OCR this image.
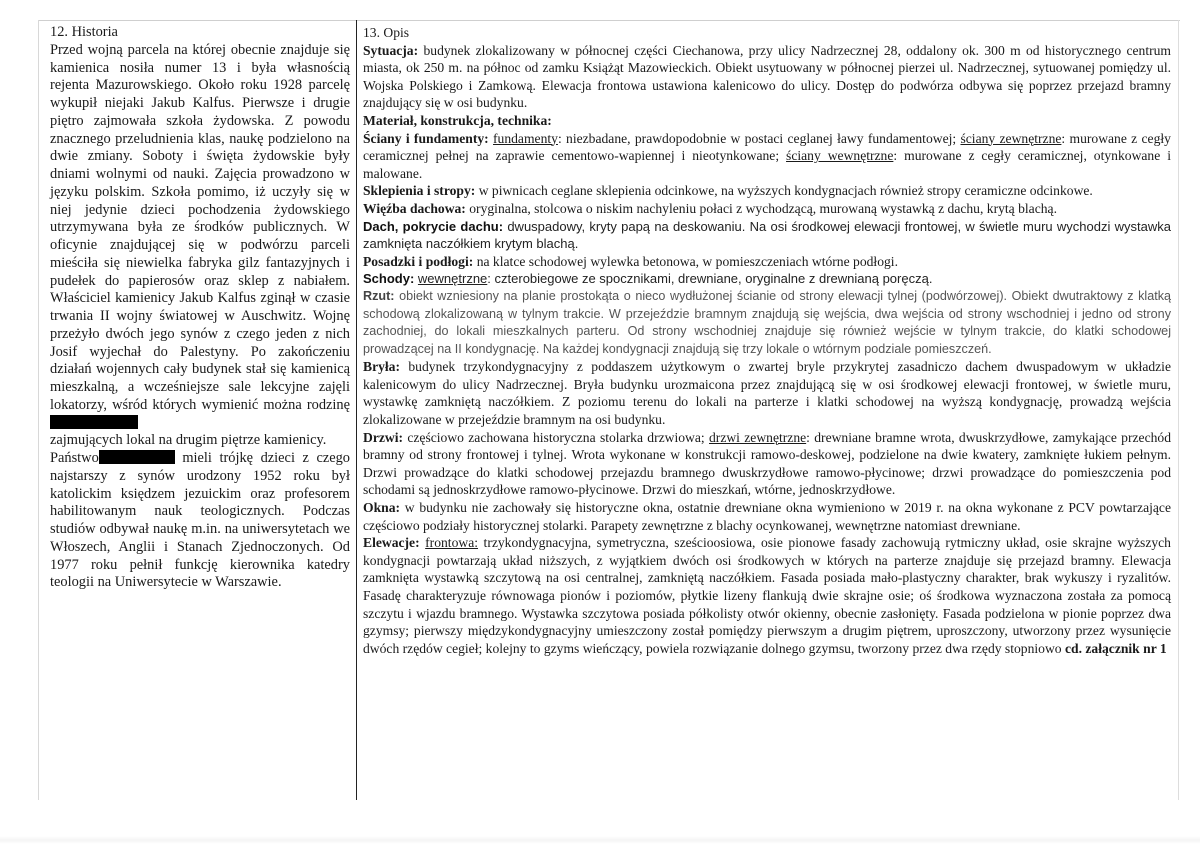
12. Historia

Przed wojną parcela na której obecnie znajduje się kamienica nosiła numer 13 i była własnością rejenta Mazurowskiego. Około roku 1928 parcelę wykupił niejaki Jakub Kalfus. Pierwsze i drugie piętro zajmowała szkoła żydowska. Z powodu znacznego przeludnienia klas, naukę podzielono na dwie zmiany. Soboty i święta żydowskie były dniami wolnymi od nauki. Zajęcia prowadzono w języku polskim. Szkoła pomimo, iż uczyły się w niej jedynie dzieci pochodzenia żydowskiego utrzymywana była ze środków publicznych. W oficynie znajdującej się w podwórzu parceli mieściła się niewielka fabryka gilz fantazyjnych i pudełek do papierosów oraz sklep z nabiałem. Właściciel kamienicy Jakub Kalfus zginął w czasie trwania II wojny światowej w Auschwitz. Wojnę przeżyło dwóch jego synów z czego jeden z nich Josif wyjechał do Palestyny. Po zakończeniu działań wojennych cały budynek stał się kamienicą mieszkalną, a wcześniejsze sale lekcyjne zajęli lokatorzy, wśród których wymienić można rodzinę
zajmujących lokal na drugim piętrze kamienicy.
Państwo	mieli trójkę dzieci z czego najstarszy z synów urodzony 1952 roku był katolickim księdzem jezuickim oraz profesorem habilitowanym nauk teologicznych. Podczas studiów odbywał naukę m.in. na uniwersytetach we Włoszech, Anglii i Stanach Zjednoczonych. Od 1977 roku pełnił funkcję kierownika katedry teologii na Uniwersytecie w Warszawie.

13. Opis

Sytuacja: budynek zlokalizowany w północnej części Ciechanowa, przy ulicy Nadrzecznej 28, oddalony ok. 300 m od historycznego centrum miasta, ok 250 m. na północ od zamku Książąt Mazowieckich. Obiekt usytuowany w północnej pierzei ul. Nadrzecznej, sytuowanej pomiędzy ul. Wojska Polskiego i Zamkową. Elewacja frontowa ustawiona kalenicowo do ulicy. Dostęp do podwórza odbywa się poprzez przejazd bramny znajdujący się w osi budynku.

Materiał, konstrukcja, technika:

Ściany i fundamenty: fundamenty: niezbadane, prawdopodobnie w postaci ceglanej ławy fundamentowej; ściany zewnętrzne: murowane z cegły ceramicznej pełnej na zaprawie cementowo-wapiennej i nieotynkowane; ściany wewnętrzne: murowane z cegły ceramicznej, otynkowane i malowane.

Sklepienia i stropy: w piwnicach ceglane sklepienia odcinkowe, na wyższych kondygnacjach również stropy ceramiczne odcinkowe.

Więźba dachowa: oryginalna, stolcowa o niskim nachyleniu połaci z wychodzącą, murowaną wystawką z dachu, krytą blachą.

Dach, pokrycie dachu: dwuspadowy, kryty papą na deskowaniu. Na osi środkowej elewacji frontowej, w świetle muru wychodzi wystawka zamknięta naczółkiem krytym blachą.

Posadzki i podłogi: na klatce schodowej wylewka betonowa, w pomieszczeniach wtórne podłogi.

Schody: wewnętrzne: czterobiegowe ze spocznikami, drewniane, oryginalne z drewnianą poręczą.

Rzut: obiekt wzniesiony na planie prostokąta o nieco wydłużonej ścianie od strony elewacji tylnej (podwórzowej). Obiekt dwutraktowy z klatką schodową zlokalizowaną w tylnym trakcie. W przejeździe bramnym znajdują się wejścia, dwa wejścia od strony wschodniej i jedno od strony zachodniej, do lokali mieszkalnych parteru. Od strony wschodniej znajduje się również wejście w tylnym trakcie, do klatki schodowej prowadzącej na II kondygnację. Na każdej kondygnacji znajdują się trzy lokale o wtórnym podziale pomieszczeń.

Bryła: budynek trzykondygnacyjny z poddaszem użytkowym o zwartej bryle przykrytej zasadniczo dachem dwuspadowym w układzie kalenicowym do ulicy Nadrzecznej. Bryła budynku urozmaicona przez znajdującą się w osi środkowej elewacji frontowej, w świetle muru, wystawkę zamkniętą naczółkiem. Z poziomu terenu do lokali na parterze i klatki schodowej na wyższą kondygnację, prowadzą wejścia zlokalizowane w przejeździe bramnym na osi budynku.

Drzwi: częściowo zachowana historyczna stolarka drzwiowa; drzwi zewnętrzne: drewniane bramne wrota, dwuskrzydłowe, zamykające przechód bramny od strony frontowej i tylnej. Wrota wykonane w konstrukcji ramowo-deskowej, podzielone na dwie kwatery, zamknięte łukiem pełnym. Drzwi prowadzące do klatki schodowej przejazdu bramnego dwuskrzydłowe ramowo-płycinowe; drzwi prowadzące do pomieszczenia pod schodami są jednoskrzydłowe ramowo-płycinowe. Drzwi do mieszkań, wtórne, jednoskrzydłowe.

Okna: w budynku nie zachowały się historyczne okna, ostatnie drewniane okna wymieniono w 2019 r. na okna wykonane z PCV powtarzające częściowo podziały historycznej stolarki. Parapety zewnętrzne z blachy ocynkowanej, wewnętrzne natomiast drewniane.

Elewacje: frontowa: trzykondygnacyjna, symetryczna, sześcioosiowa, osie pionowe fasady zachowują rytmiczny układ, osie skrajne wyższych kondygnacji powtarzają układ niższych, z wyjątkiem dwóch osi środkowych w których na parterze znajduje się przejazd bramny. Elewacja zamknięta wystawką szczytową na osi centralnej, zamkniętą naczółkiem. Fasada posiada mało-plastyczny charakter, brak wykuszy i ryzalitów. Fasadę charakteryzuje równowaga pionów i poziomów, płytkie lizeny flankują dwie skrajne osie; oś środkowa wyznaczona została za pomocą szczytu i wjazdu bramnego. Wystawka szczytowa posiada półkolisty otwór okienny, obecnie zasłonięty. Fasada podzielona w pionie poprzez dwa gzymsy; pierwszy międzykondygnacyjny umieszczony został pomiędzy pierwszym a drugim piętrem, uproszczony, utworzony przez wysunięcie dwóch rzędów cegieł; kolejny to gzyms wieńczący, powiela rozwiązanie dolnego gzymsu, tworzony przez dwa rzędy stopniowo cd. załącznik nr 1
